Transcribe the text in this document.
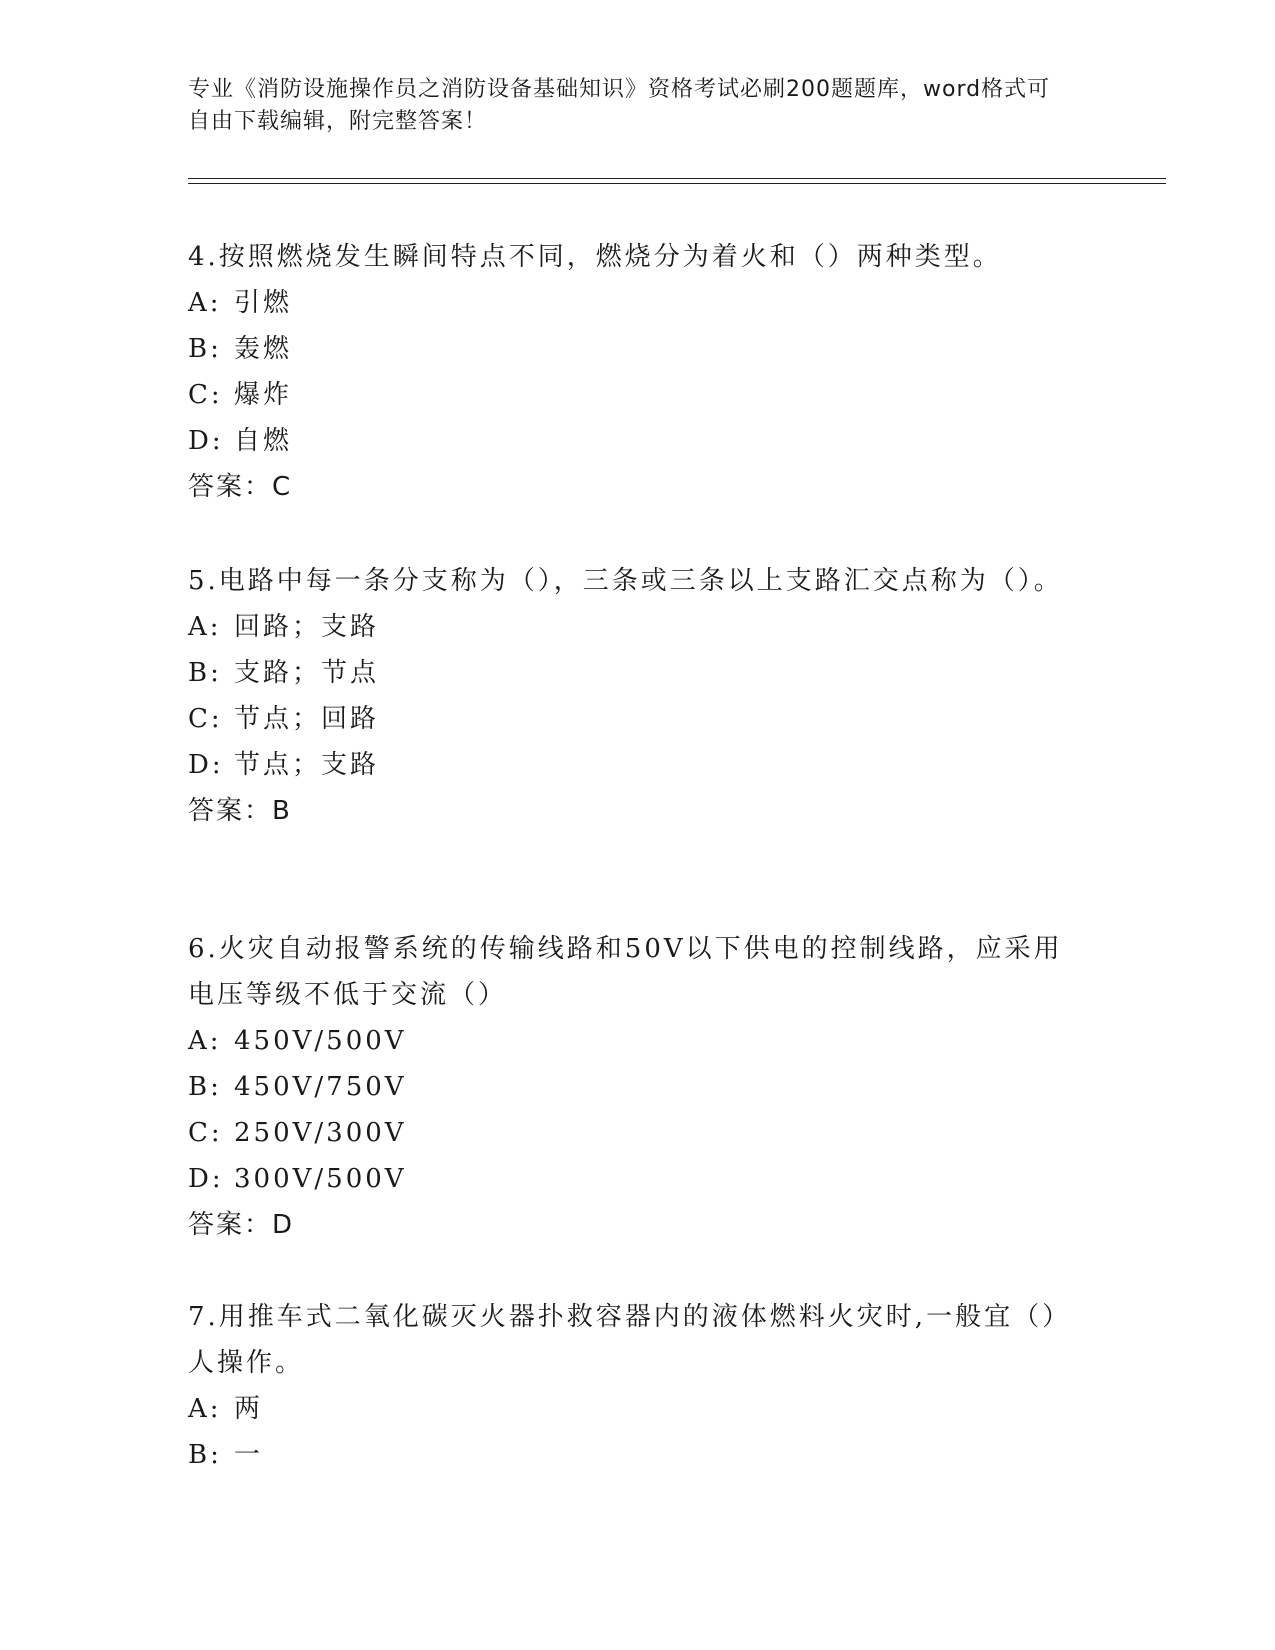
专业《消防设施操作员之消防设备基础知识》资格考试必刷200题题库，word格式可自由下载编辑，附完整答案！
4.按照燃烧发生瞬间特点不同，燃烧分为着火和（）两种类型。
A: 引燃
B: 轰燃
C: 爆炸
D: 自燃
答案：C
5.电路中每一条分支称为（），三条或三条以上支路汇交点称为（）。
A: 回路；支路
B: 支路；节点
C: 节点；回路
D: 节点；支路
答案：B
6.火灾自动报警系统的传输线路和50V以下供电的控制线路，应采用电压等级不低于交流（）
A: 450V/500V
B: 450V/750V
C: 250V/300V
D: 300V/500V
答案：D
7.用推车式二氧化碳灭火器扑救容器内的液体燃料火灾时,一般宜（）人操作。
A: 两
B: 一
